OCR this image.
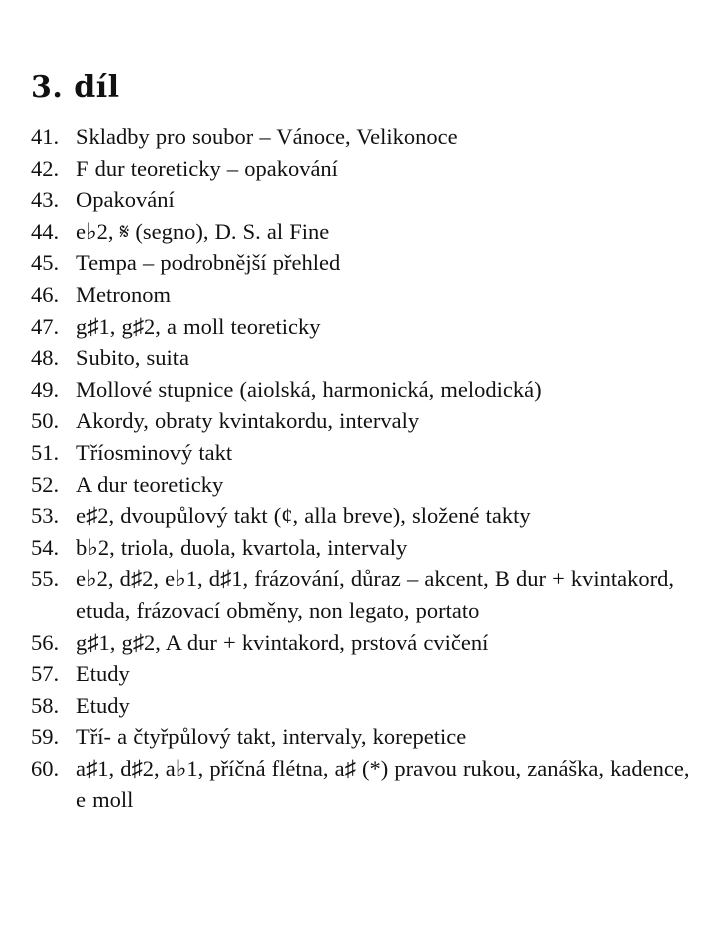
3. díl
41. Skladby pro soubor – Vánoce, Velikonoce
42. F dur teoreticky – opakování
43. Opakování
44. e♭2, 𝄋 (segno), D. S. al Fine
45. Tempa – podrobnější přehled
46. Metronom
47. g♯1, g♯2, a moll teoreticky
48. Subito, suita
49. Mollové stupnice (aiolská, harmonická, melodická)
50. Akordy, obraty kvintakordu, intervaly
51. Tříosminový takt
52. A dur teoreticky
53. e♯2, dvoupůlový takt (¢, alla breve), složené takty
54. b♭2, triola, duola, kvartola, intervaly
55. e♭2, d♯2, e♭1, d♯1, frázování, důraz – akcent, B dur + kvintakord, etuda, frázovací obměny, non legato, portato
56. g♯1, g♯2, A dur + kvintakord, prstová cvičení
57. Etudy
58. Etudy
59. Tří- a čtyřpůlový takt, intervaly, korepetice
60. a♯1, d♯2, a♭1, příčná flétna, a♯ (*) pravou rukou, zanáška, kadence, e moll
